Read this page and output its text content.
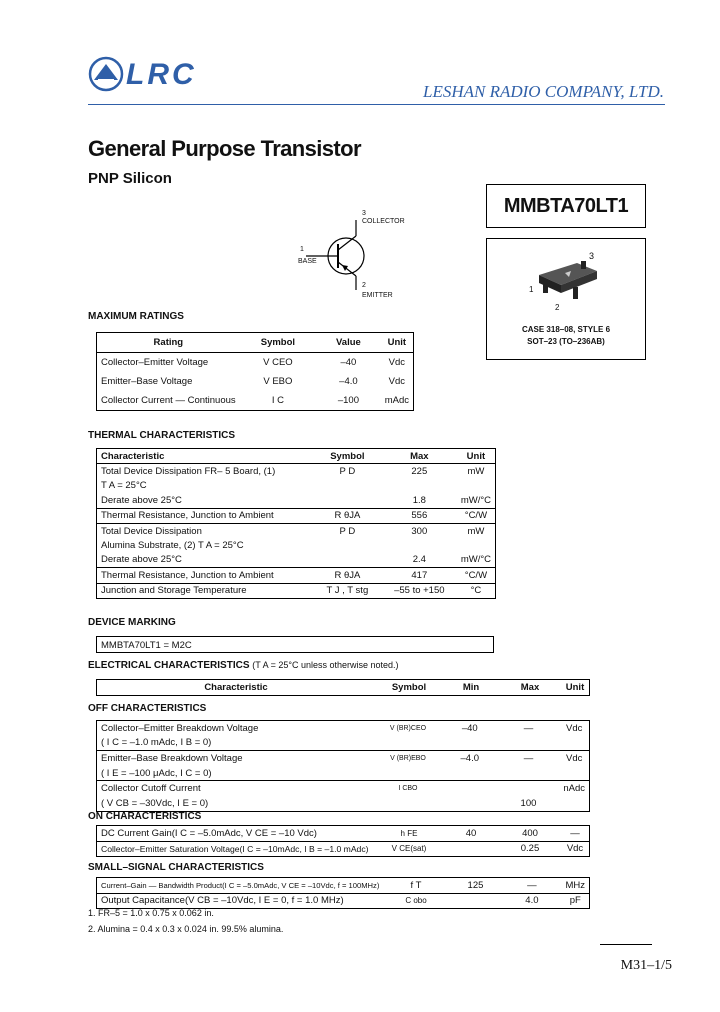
LRC
LESHAN RADIO COMPANY, LTD.
General Purpose Transistor
PNP Silicon
MMBTA70LT1
3
COLLECTOR
1
BASE
2
EMITTER
3
1
2
CASE 318–08, STYLE 6
SOT–23 (TO–236AB)
MAXIMUM RATINGS
Rating	Symbol	Value	Unit
Collector–Emitter Voltage	V CEO	–40	Vdc
Emitter–Base Voltage	V EBO	–4.0	Vdc
Collector Current — Continuous	I C	–100	mAdc
THERMAL CHARACTERISTICS
Characteristic	Symbol	Max	Unit
Total Device Dissipation FR– 5 Board, (1)	P D	225	mW
T A = 25°C			
Derate above 25°C		1.8	mW/°C
Thermal Resistance, Junction to Ambient	R θJA	556	°C/W
Total Device Dissipation	P D	300	mW
Alumina Substrate, (2) T A = 25°C			
Derate above 25°C		2.4	mW/°C
Thermal Resistance, Junction to Ambient	R θJA	417	°C/W
Junction and Storage Temperature	T J , T stg	–55 to +150	°C
DEVICE MARKING
MMBTA70LT1 = M2C
ELECTRICAL CHARACTERISTICS (T A = 25°C unless otherwise noted.)
Characteristic	Symbol	Min	Max	Unit
OFF CHARACTERISTICS
Collector–Emitter Breakdown Voltage	V (BR)CEO	–40	—	Vdc
( I C = –1.0 mAdc, I B = 0)				
Emitter–Base Breakdown Voltage	V (BR)EBO	–4.0	—	Vdc
( I E = –100 μAdc, I C = 0)				
Collector Cutoff Current	I CBO			nAdc
( V CB = –30Vdc, I E = 0)			100	
ON CHARACTERISTICS
DC Current Gain(I C = –5.0mAdc, V CE = –10 Vdc)	h FE	40	400	—
Collector–Emitter Saturation Voltage(I C = –10mAdc, I B = –1.0 mAdc)	V CE(sat)		0.25	Vdc
SMALL–SIGNAL CHARACTERISTICS
Current–Gain — Bandwidth Product(I C = –5.0mAdc, V CE = –10Vdc, f = 100MHz)	f T	125	—	MHz
Output Capacitance(V CB = –10Vdc, I E = 0, f = 1.0 MHz)	C obo		4.0	pF
1. FR–5 = 1.0 x 0.75 x 0.062 in.
2. Alumina = 0.4 x 0.3 x 0.024 in. 99.5% alumina.
M31–1/5
